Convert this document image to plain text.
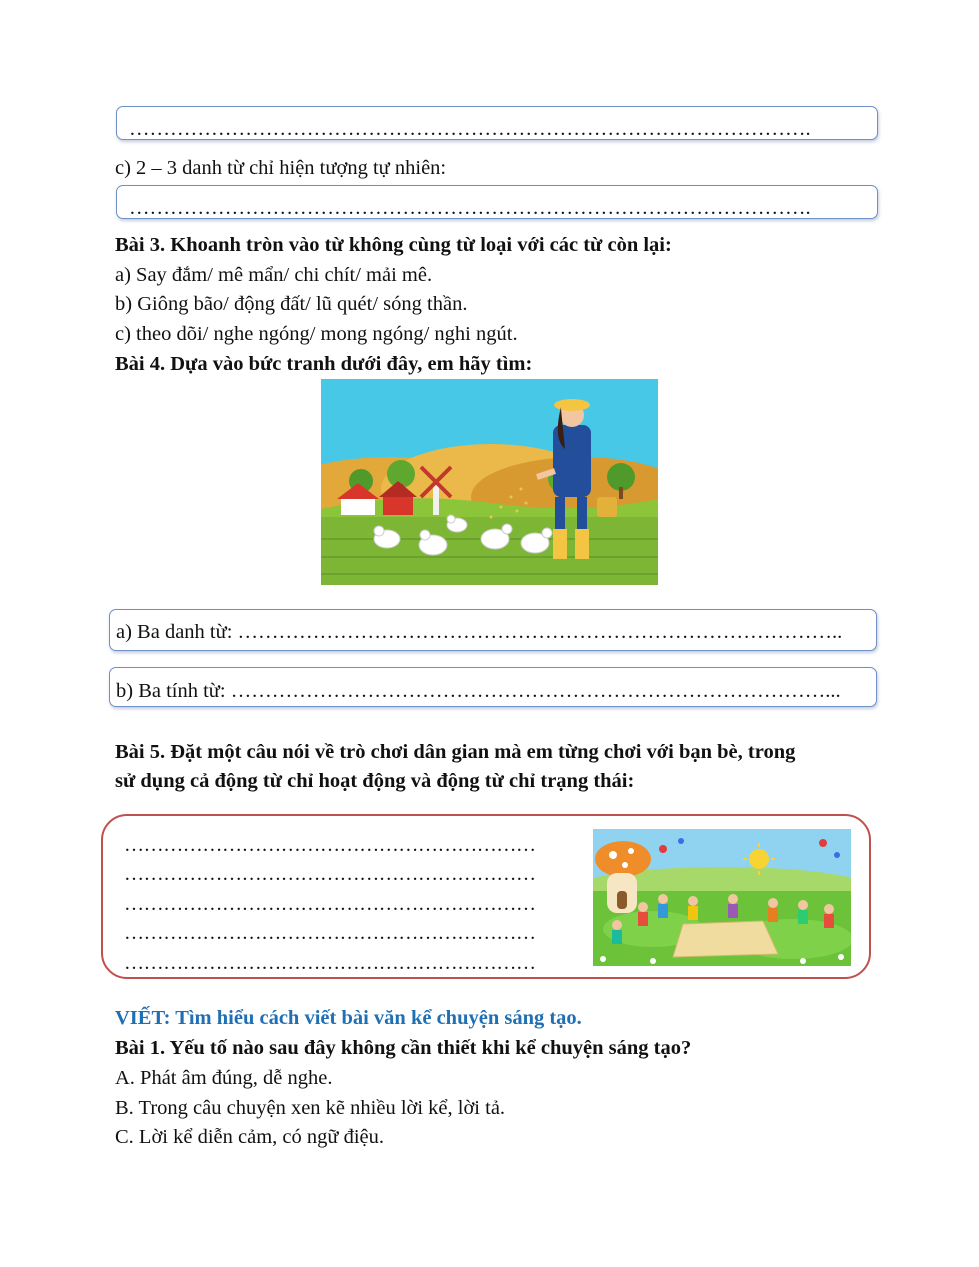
……………………………………………………………………………………….
c) 2 – 3 danh từ chỉ hiện tượng tự nhiên:
……………………………………………………………………………………….
Bài 3. Khoanh tròn vào từ không cùng từ loại với các từ còn lại:
a) Say đắm/ mê mẩn/ chi chít/ mải mê.
b) Giông bão/ động đất/ lũ quét/ sóng thần.
c) theo dõi/ nghe ngóng/ mong ngóng/ nghi ngút.
Bài 4. Dựa vào bức tranh dưới đây, em hãy tìm:
a) Ba danh từ: ……………………………………………………………………………..
b) Ba tính từ: ……………………………………………………………………………...
Bài 5. Đặt một câu nói về trò chơi dân gian mà em từng chơi với bạn bè, trong
sử dụng cả động từ chỉ hoạt động và động từ chỉ trạng thái:
………………………………………………………
………………………………………………………
………………………………………………………
………………………………………………………
………………………………………………………
VIẾT: Tìm hiểu cách viết bài văn kể chuyện sáng tạo.
Bài 1. Yếu tố nào sau đây không cần thiết khi kể chuyện sáng tạo?
A. Phát âm đúng, dễ nghe.
B. Trong câu chuyện xen kẽ nhiều lời kể, lời tả.
C. Lời kể diễn cảm, có ngữ điệu.
